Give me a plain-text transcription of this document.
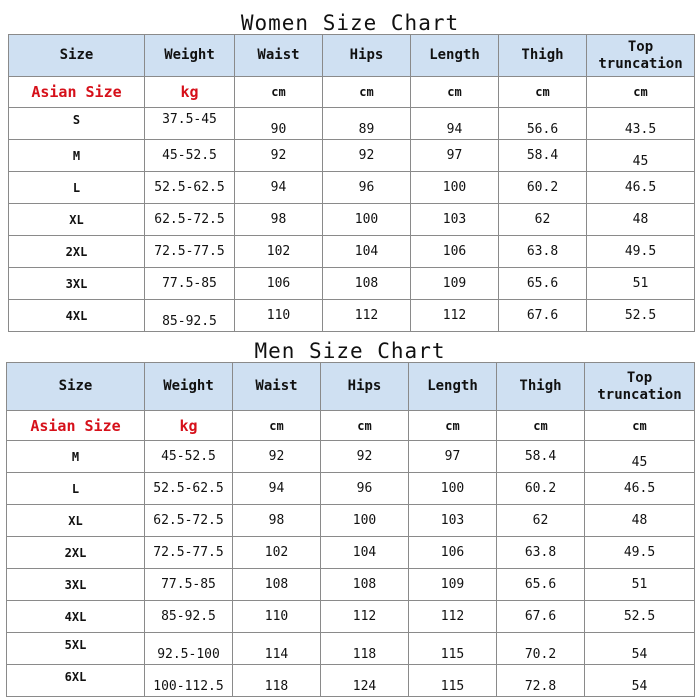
Women Size Chart
Size	Weight	Waist	Hips	Length	Thigh	Top
truncation
Asian Size	kg	cm	cm	cm	cm	cm
S	37.5-45	90	89	94	56.6	43.5
M	45-52.5	92	92	97	58.4	45
L	52.5-62.5	94	96	100	60.2	46.5
XL	62.5-72.5	98	100	103	62	48
2XL	72.5-77.5	102	104	106	63.8	49.5
3XL	77.5-85	106	108	109	65.6	51
4XL	85-92.5	110	112	112	67.6	52.5
Men Size Chart
Size	Weight	Waist	Hips	Length	Thigh	Top
truncation
Asian Size	kg	cm	cm	cm	cm	cm
M	45-52.5	92	92	97	58.4	45
L	52.5-62.5	94	96	100	60.2	46.5
XL	62.5-72.5	98	100	103	62	48
2XL	72.5-77.5	102	104	106	63.8	49.5
3XL	77.5-85	108	108	109	65.6	51
4XL	85-92.5	110	112	112	67.6	52.5
5XL	92.5-100	114	118	115	70.2	54
6XL	100-112.5	118	124	115	72.8	54
